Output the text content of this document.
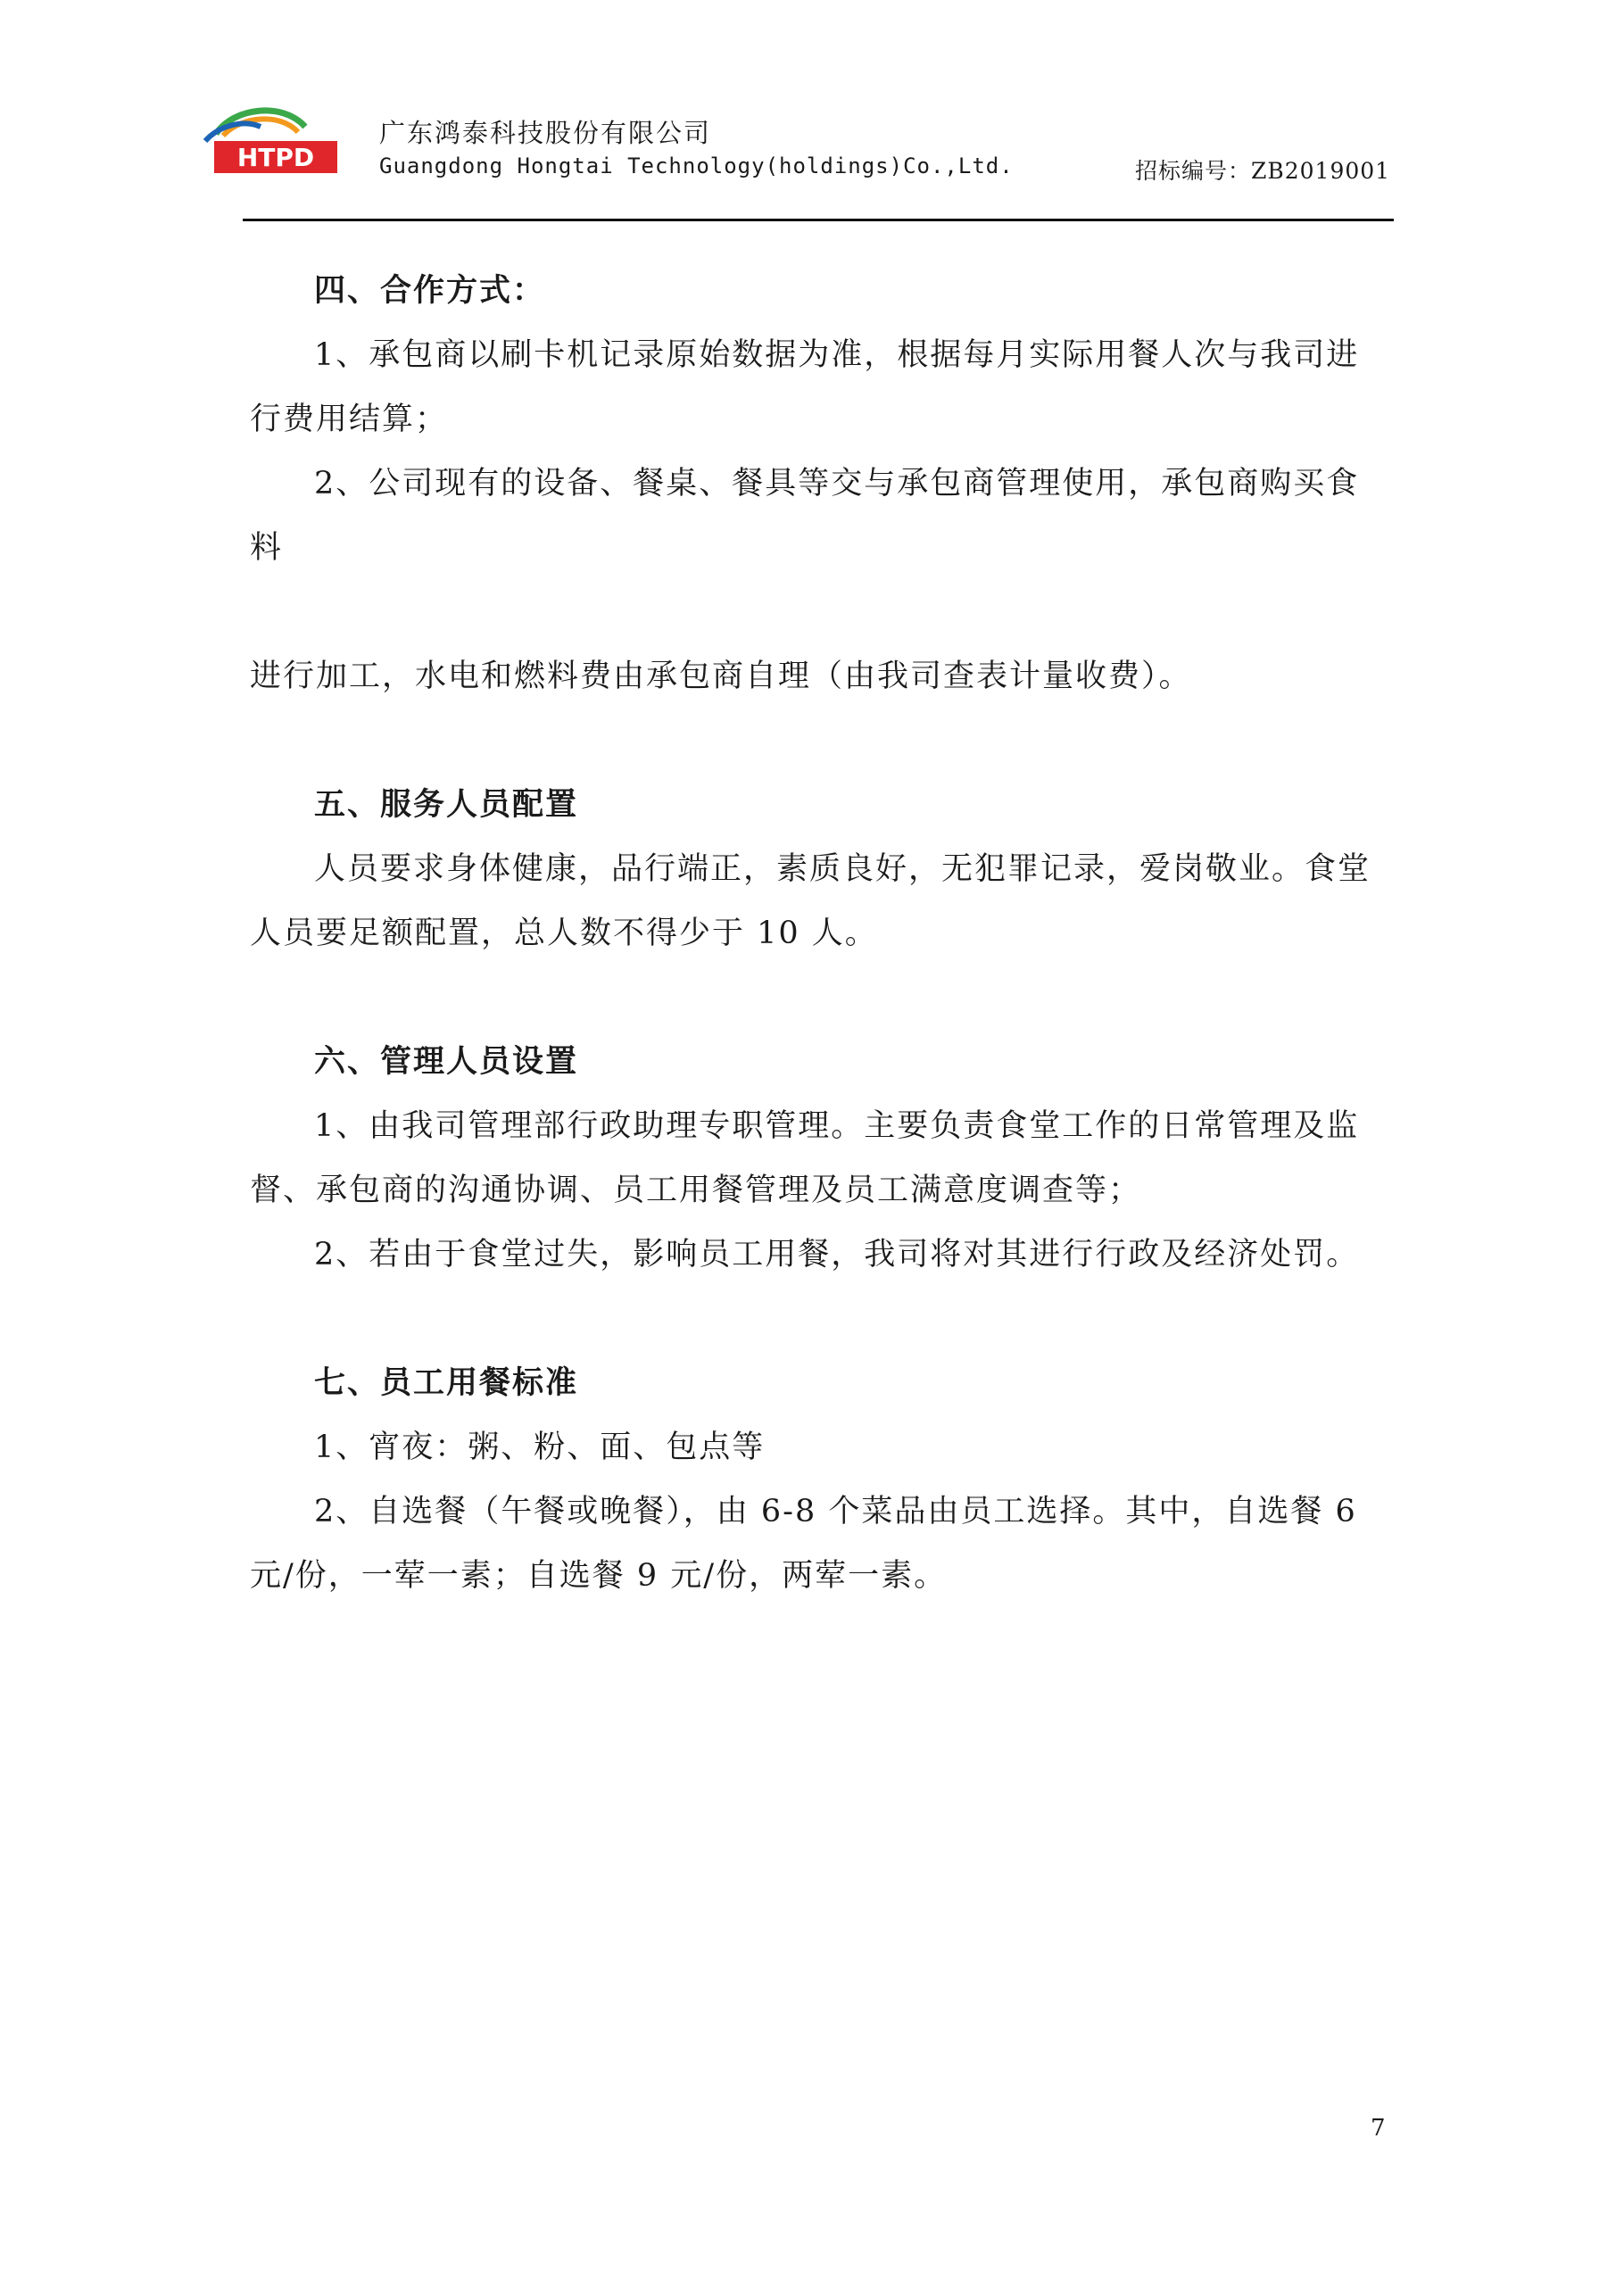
HTPD
广东鸿泰科技股份有限公司
Guangdong Hongtai Technology(holdings)Co.,Ltd.	招标编号：ZB2019001
四、合作方式：

1、承包商以刷卡机记录原始数据为准，根据每月实际用餐人次与我司进行费用结算；

2、公司现有的设备、餐桌、餐具等交与承包商管理使用，承包商购买食料

进行加工，水电和燃料费由承包商自理（由我司查表计量收费）。

五、服务人员配置

人员要求身体健康，品行端正，素质良好，无犯罪记录，爱岗敬业。食堂人员要足额配置，总人数不得少于 10 人。

六、管理人员设置

1、由我司管理部行政助理专职管理。主要负责食堂工作的日常管理及监督、承包商的沟通协调、员工用餐管理及员工满意度调查等；

2、若由于食堂过失，影响员工用餐，我司将对其进行行政及经济处罚。

七、员工用餐标准

1、宵夜：粥、粉、面、包点等

2、自选餐（午餐或晚餐），由 6-8 个菜品由员工选择。其中，自选餐 6 元/份，一荤一素；自选餐 9 元/份，两荤一素。

7
